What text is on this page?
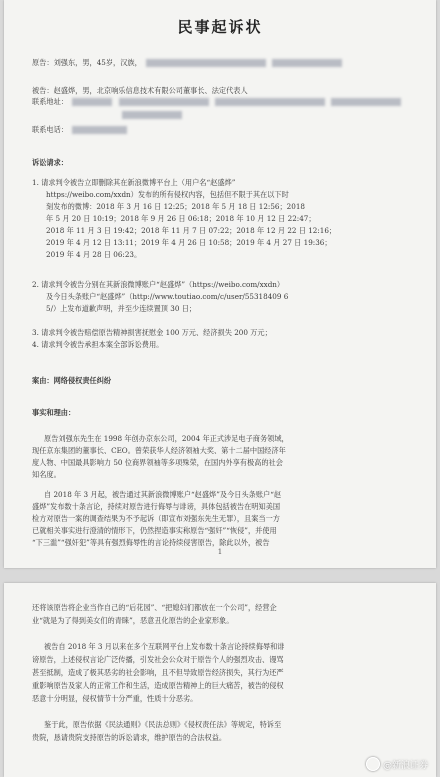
民事起诉状
原告：刘强东，男，45岁，汉族，
被告：赵盛烨，男，北京响乐信息技术有限公司董事长、法定代表人
联系地址：
联系电话：
诉讼请求：
1. 请求判令被告立即删除其在新浪微博平台上（用户名“赵盛烨”
https://weibo.com/xxdn）发布的所有侵权内容，包括但不限于其在以下时
刻发布的微博：2018 年 3 月 16 日 12:25；2018 年 5 月 18 日 12:56；2018
年 5 月 20 日 10:19；2018 年 9 月 26 日 06:18；2018 年 10 月 12 日 22:47；
2018 年 11 月 3 日 19:42；2018 年 11 月 7 日 07:22；2018 年 12 月 22 日 12:16；
2019 年 4 月 12 日 13:11；2019 年 4 月 26 日 10:58；2019 年 4 月 27 日 19:36；
2019 年 4 月 28 日 06:23。
2. 请求判令被告分别在其新浪微博账户“赵盛烨”（https://weibo.com/xxdn）
及今日头条账户“赵盛烨”（http://www.toutiao.com/c/user/55318409 6
5/）上发布道歉声明，并至少连续置顶 30 日；
3. 请求判令被告赔偿原告精神损害抚慰金 100 万元、经济损失 200 万元；
4. 请求判令被告承担本案全部诉讼费用。
案由：网络侵权责任纠纷
事实和理由：
原告刘强东先生在 1998 年创办京东公司，2004 年正式涉足电子商务领域，
现任京东集团的董事长、CEO。曾荣获华人经济领袖大奖、第十二届中国经济年
度人物、中国最具影响力 50 位商界领袖等多项殊荣，在国内外享有极高的社会
知名度。
自 2018 年 3 月起，被告通过其新浪微博账户“赵盛烨”及今日头条账户“赵
盛烨”发布数十条言论，持续对原告进行侮辱与诽谤，具体包括被告在明知美国
检方对原告一案的调查结果为不予起诉（即宣布刘强东先生无罪），且案当一方
已就相关事实进行澄清的情形下，仍然捏造事实称原告“强奸”“恢侵”，并使用
“下三滥”“强奸犯”等具有强烈侮辱性的言论持续侵害原告，除此以外，被告
1
还将该原告将企业当作自己的“后花园”、“把媳妇们都放在一个公司”，经营企
业“就是为了得到美女们的青睐”，恶意丑化原告的企业家形象。
被告自 2018 年 3 月以来在多个互联网平台上发布数十条言论持续侮辱和诽
谤原告，上述侵权言论广泛传播，引发社会公众对于原告个人的强烈攻击、谩骂
甚至抵制，造成了极其恶劣的社会影响，且不但导致原告经济损失，其行为还严
重影响原告及家人的正常工作和生活，造成原告精神上的巨大痛苦，被告的侵权
恶意十分明显，侵权情节十分严重，性质十分恶劣。
鉴于此，原告依据《民法通则》《民法总则》《侵权责任法》等规定，特诉至
贵院，恳请贵院支持原告的诉讼请求，维护原告的合法权益。
@新浪证券
